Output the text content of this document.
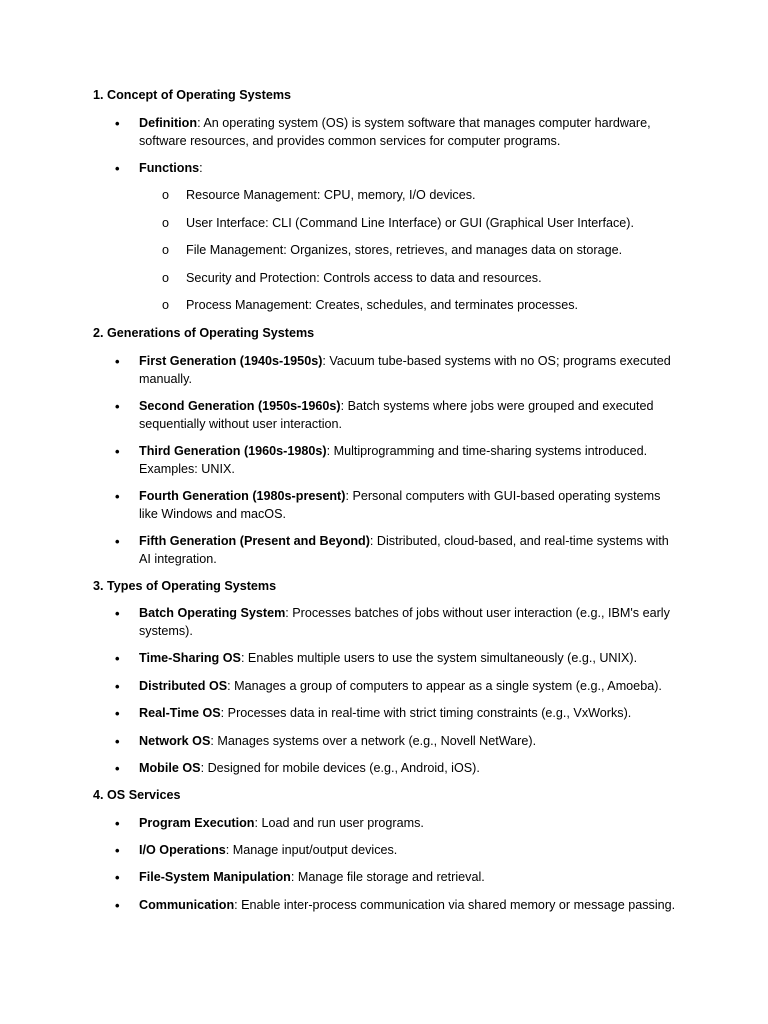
1. Concept of Operating Systems
• Definition: An operating system (OS) is system software that manages computer hardware, software resources, and provides common services for computer programs.
• Functions:
o Resource Management: CPU, memory, I/O devices.
o User Interface: CLI (Command Line Interface) or GUI (Graphical User Interface).
o File Management: Organizes, stores, retrieves, and manages data on storage.
o Security and Protection: Controls access to data and resources.
o Process Management: Creates, schedules, and terminates processes.
2. Generations of Operating Systems
• First Generation (1940s-1950s): Vacuum tube-based systems with no OS; programs executed manually.
• Second Generation (1950s-1960s): Batch systems where jobs were grouped and executed sequentially without user interaction.
• Third Generation (1960s-1980s): Multiprogramming and time-sharing systems introduced. Examples: UNIX.
• Fourth Generation (1980s-present): Personal computers with GUI-based operating systems like Windows and macOS.
• Fifth Generation (Present and Beyond): Distributed, cloud-based, and real-time systems with AI integration.
3. Types of Operating Systems
• Batch Operating System: Processes batches of jobs without user interaction (e.g., IBM's early systems).
• Time-Sharing OS: Enables multiple users to use the system simultaneously (e.g., UNIX).
• Distributed OS: Manages a group of computers to appear as a single system (e.g., Amoeba).
• Real-Time OS: Processes data in real-time with strict timing constraints (e.g., VxWorks).
• Network OS: Manages systems over a network (e.g., Novell NetWare).
• Mobile OS: Designed for mobile devices (e.g., Android, iOS).
4. OS Services
• Program Execution: Load and run user programs.
• I/O Operations: Manage input/output devices.
• File-System Manipulation: Manage file storage and retrieval.
• Communication: Enable inter-process communication via shared memory or message passing.
